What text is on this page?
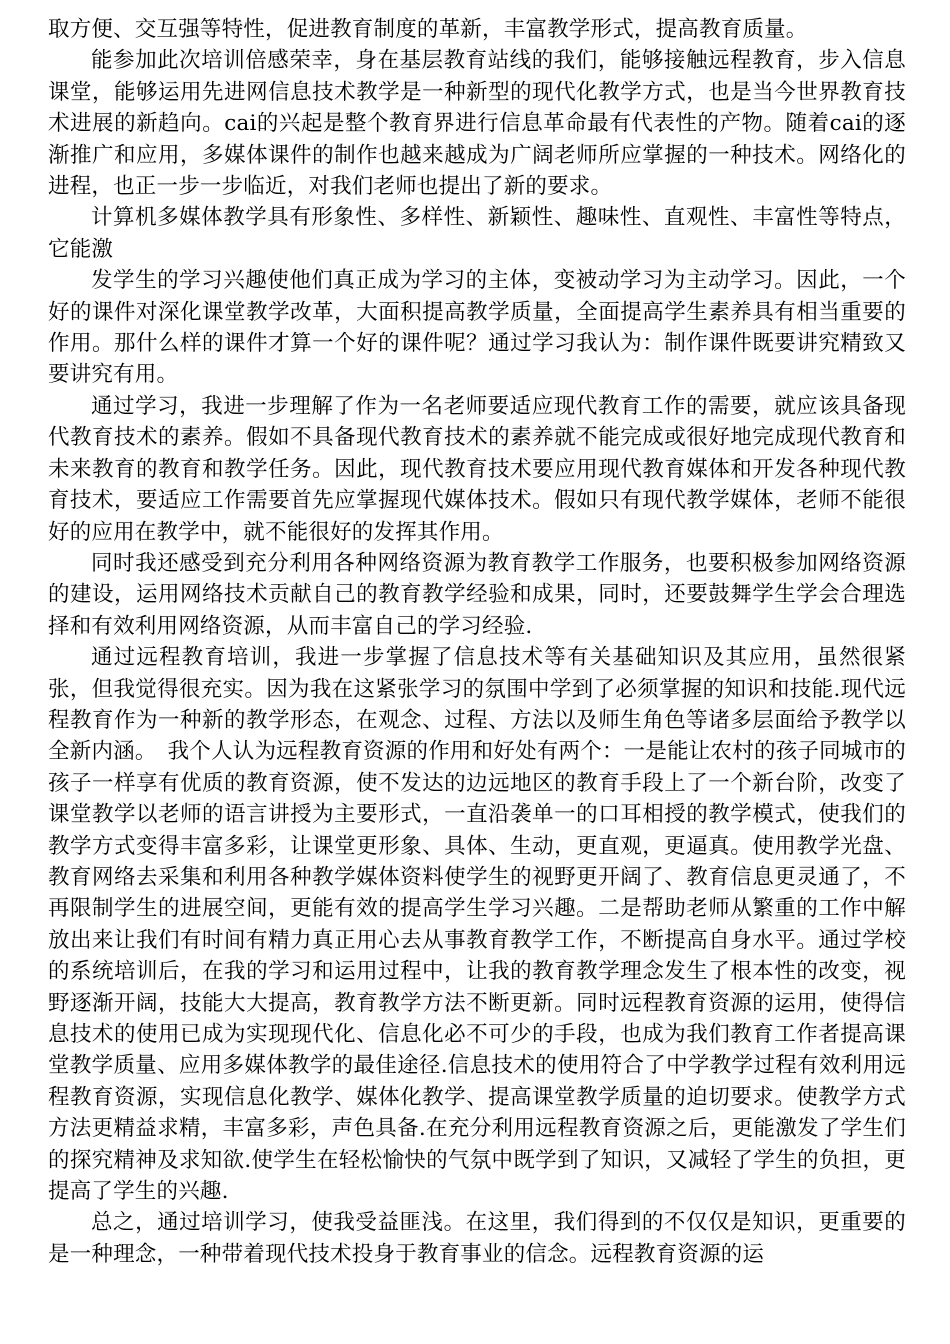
取方便、交互强等特性，促进教育制度的革新，丰富教学形式，提高教育质量。

能参加此次培训倍感荣幸，身在基层教育站线的我们，能够接触远程教育，步入信息课堂，能够运用先进网信息技术教学是一种新型的现代化教学方式，也是当今世界教育技术进展的新趋向。cai的兴起是整个教育界进行信息革命最有代表性的产物。随着cai的逐渐推广和应用，多媒体课件的制作也越来越成为广阔老师所应掌握的一种技术。网络化的进程，也正一步一步临近，对我们老师也提出了新的要求。

计算机多媒体教学具有形象性、多样性、新颖性、趣味性、直观性、丰富性等特点，它能激

发学生的学习兴趣使他们真正成为学习的主体，变被动学习为主动学习。因此，一个好的课件对深化课堂教学改革，大面积提高教学质量，全面提高学生素养具有相当重要的作用。那什么样的课件才算一个好的课件呢？通过学习我认为：制作课件既要讲究精致又要讲究有用。

通过学习，我进一步理解了作为一名老师要适应现代教育工作的需要，就应该具备现代教育技术的素养。假如不具备现代教育技术的素养就不能完成或很好地完成现代教育和未来教育的教育和教学任务。因此，现代教育技术要应用现代教育媒体和开发各种现代教育技术，要适应工作需要首先应掌握现代媒体技术。假如只有现代教学媒体，老师不能很好的应用在教学中，就不能很好的发挥其作用。

同时我还感受到充分利用各种网络资源为教育教学工作服务，也要积极参加网络资源的建设，运用网络技术贡献自己的教育教学经验和成果，同时，还要鼓舞学生学会合理选择和有效利用网络资源，从而丰富自己的学习经验.

通过远程教育培训，我进一步掌握了信息技术等有关基础知识及其应用，虽然很紧张，但我觉得很充实。因为我在这紧张学习的氛围中学到了必须掌握的知识和技能.现代远程教育作为一种新的教学形态，在观念、过程、方法以及师生角色等诸多层面给予教学以全新内涵。　我个人认为远程教育资源的作用和好处有两个：一是能让农村的孩子同城市的孩子一样享有优质的教育资源，使不发达的边远地区的教育手段上了一个新台阶，改变了课堂教学以老师的语言讲授为主要形式，一直沿袭单一的口耳相授的教学模式，使我们的教学方式变得丰富多彩，让课堂更形象、具体、生动，更直观，更逼真。使用教学光盘、教育网络去采集和利用各种教学媒体资料使学生的视野更开阔了、教育信息更灵通了，不再限制学生的进展空间，更能有效的提高学生学习兴趣。二是帮助老师从繁重的工作中解放出来让我们有时间有精力真正用心去从事教育教学工作，不断提高自身水平。通过学校的系统培训后，在我的学习和运用过程中，让我的教育教学理念发生了根本性的改变，视野逐渐开阔，技能大大提高，教育教学方法不断更新。同时远程教育资源的运用，使得信息技术的使用已成为实现现代化、信息化必不可少的手段，也成为我们教育工作者提高课堂教学质量、应用多媒体教学的最佳途径.信息技术的使用符合了中学教学过程有效利用远程教育资源，实现信息化教学、媒体化教学、提高课堂教学质量的迫切要求。使教学方式方法更精益求精，丰富多彩，声色具备.在充分利用远程教育资源之后，更能激发了学生们的探究精神及求知欲.使学生在轻松愉快的气氛中既学到了知识，又减轻了学生的负担，更提高了学生的兴趣.

总之，通过培训学习，使我受益匪浅。在这里，我们得到的不仅仅是知识，更重要的是一种理念，一种带着现代技术投身于教育事业的信念。远程教育资源的运
